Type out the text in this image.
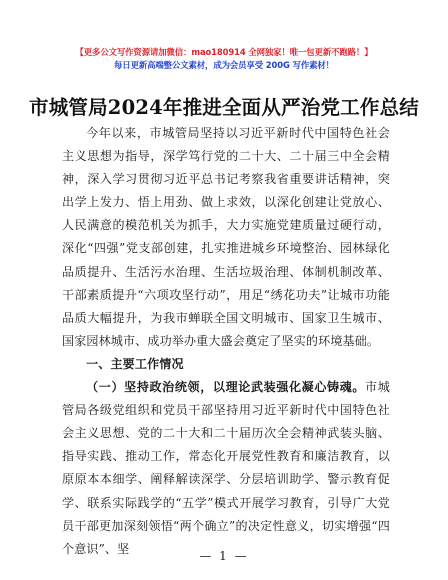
【更多公文写作资源请加微信：mao180914 全网独家！唯一包更新不跑路！】
每日更新高端整公文素材，成为会员享受 200G 写作素材！
市城管局2024年推进全面从严治党工作总结

今年以来，市城管局坚持以习近平新时代中国特色社会主义思想为指导，深学笃行党的二十大、二十届三中全会精神，深入学习贯彻习近平总书记考察我省重要讲话精神，突出学上发力、悟上用劲、做上求效，以深化创建让党放心、人民满意的模范机关为抓手，大力实施党建质量过硬行动，深化“四强”党支部创建，扎实推进城乡环境整治、园林绿化品质提升、生活污水治理、生活垃圾治理、体制机制改革、干部素质提升“六项攻坚行动”，用足“绣花功夫”让城市功能品质大幅提升，为我市蝉联全国文明城市、国家卫生城市、国家园林城市、成功举办重大盛会奠定了坚实的环境基础。

一、主要工作情况

（一）坚持政治统领，以理论武装强化凝心铸魂。市城管局各级党组织和党员干部坚持用习近平新时代中国特色社会主义思想、党的二十大和二十届历次全会精神武装头脑、指导实践、推动工作，常态化开展党性教育和廉洁教育，以原原本本细学、阐释解读深学、分层培训助学、警示教育促学、联系实际践学的“五学”模式开展学习教育，引导广大党员干部更加深刻领悟“两个确立”的决定性意义，切实增强“四个意识”、坚

— 1 —
